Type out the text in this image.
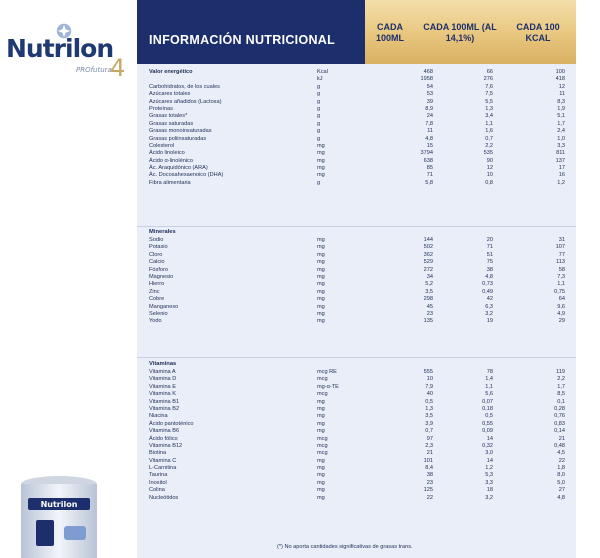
Nutrilon
PROfutura
4
Nutrilon
INFORMACIÓN NUTRICIONAL
CADA 100ML
CADA 100ML (AL 14,1%)
CADA 100 KCAL
Valor energético	Kcal	468	66	100
kJ	1958	276	418
Carbohidratos, de los cuales	g	54	7,6	12
Azúcares totales	g	53	7,5	11
Azúcares añadidos (Lactosa)	g	39	5,5	8,3
Proteínas	g	8,9	1,3	1,9
Grasas totales*	g	24	3,4	5,1
Grasas saturadas	g	7,8	1,1	1,7
Grasas monoinsaturadas	g	11	1,6	2,4
Grasas poliinsaturadas	g	4,8	0,7	1,0
Colesterol	mg	15	2,2	3,3
Ácido linoleico	mg	3794	535	811
Ácido α-linolénico	mg	638	90	137
Ác. Araquidónico (ARA)	mg	85	12	17
Ác. Docosahexaenoico (DHA)	mg	71	10	16
Fibra alimentaria	g	5,8	0,8	1,2
Minerales
Sodio	mg	144	20	31
Potasio	mg	502	71	107
Cloro	mg	362	51	77
Calcio	mg	529	75	113
Fósforo	mg	272	38	58
Magnesio	mg	34	4,8	7,3
Hierro	mg	5,2	0,73	1,1
Zinc	mg	3,5	0,49	0,75
Cobre	mg	298	42	64
Manganeso	mg	45	6,3	9,6
Selenio	mg	23	3,2	4,9
Yodo	mg	135	19	29
Vitaminas
Vitamina A	mcg RE	555	78	119
Vitamina D	mcg	10	1,4	2,2
Vitamina E	mg-α-TE	7,9	1,1	1,7
Vitamina K	mcg	40	5,6	8,5
Vitamina B1	mg	0,5	0,07	0,1
Vitamina B2	mg	1,3	0,18	0,28
Niacina	mg	3,5	0,5	0,76
Ácido pantoténico	mg	3,9	0,55	0,83
Vitamina B6	mg	0,7	0,09	0,14
Ácido fólico	mcg	97	14	21
Vitamina B12	mcg	2,3	0,32	0,48
Biotina	mcg	21	3,0	4,5
Vitamina C	mg	101	14	22
L-Carnitina	mg	8,4	1,2	1,8
Taurina	mg	38	5,3	8,0
Inositol	mg	23	3,3	5,0
Colina	mg	125	18	27
Nucleótidos	mg	22	3,2	4,8
(*) No aporta cantidades significativas de grasas trans.
